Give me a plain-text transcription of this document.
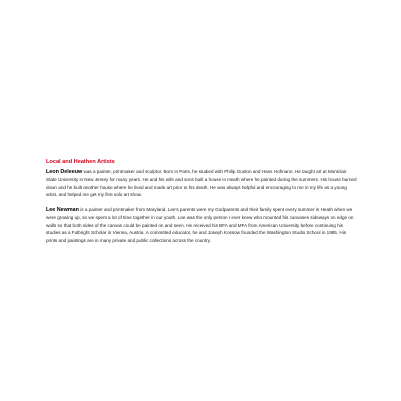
Local and Heathen Artists

Leon Deleeuw was a painter, printmaker and sculptor. Born in Paris, he studied with Philip Guston and Hans Hofmann. He taught art at Montclair State University in New Jersey for many years. He and his wife and sons built a house in Heath where he painted during the summers. His house burned down and he built another house where he lived and made art prior to his death. He was always helpful and encouraging to me in my life as a young artist, and helped me get my first solo art show.

Lee Newman is a painter and printmaker from Maryland. Lee's parents were my Godparents and their family spent every summer in Heath when we were growing up, so we spent a lot of time together in our youth. Lee was the only person I ever knew who mounted his canvases sideways on edge on walls so that both sides of the canvas could be painted on and seen. He received his BFA and MFA from American University before continuing his studies as a Fulbright Scholar in Vienna, Austria. A committed educator, he and Joseph Kossow founded the Washington Studio School in 1985. His prints and paintings are in many private and public collections across the country.
